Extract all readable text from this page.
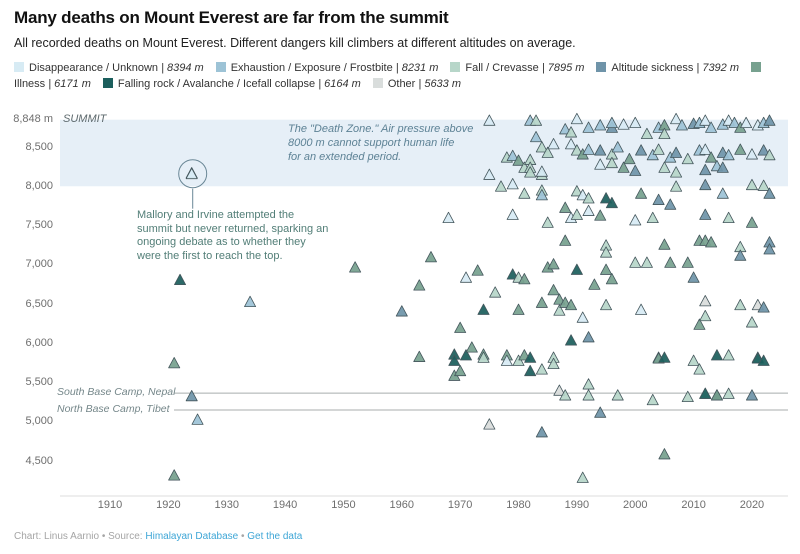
Many deaths on Mount Everest are far from the summit
All recorded deaths on Mount Everest. Different dangers kill climbers at different altitudes on average.
Disappearance / Unknown | 8394 m Exhaustion / Exposure / Frostbite | 8231 m Fall / Crevasse | 7895 m Altitude sickness | 7392 mIllness | 6171 m Falling rock / Avalanche / Icefall collapse | 6164 m Other | 5633 m
8,848 m
8,500
8,000
7,500
7,000
6,500
6,000
5,500
5,000
4,500
SUMMIT
1910	1920	1930	1940	1950	1960	1970	1980	1990	2000	2010	2020
South Base Camp, Nepal
North Base Camp, Tibet
The "Death Zone." Air pressure above
8000 m cannot support human life
for an extended period.
Mallory and Irvine attempted the
summit but never returned, sparking an
ongoing debate as to whether they
were the first to reach the top.
Chart: Linus Aarnio • Source: Himalayan Database • Get the data
